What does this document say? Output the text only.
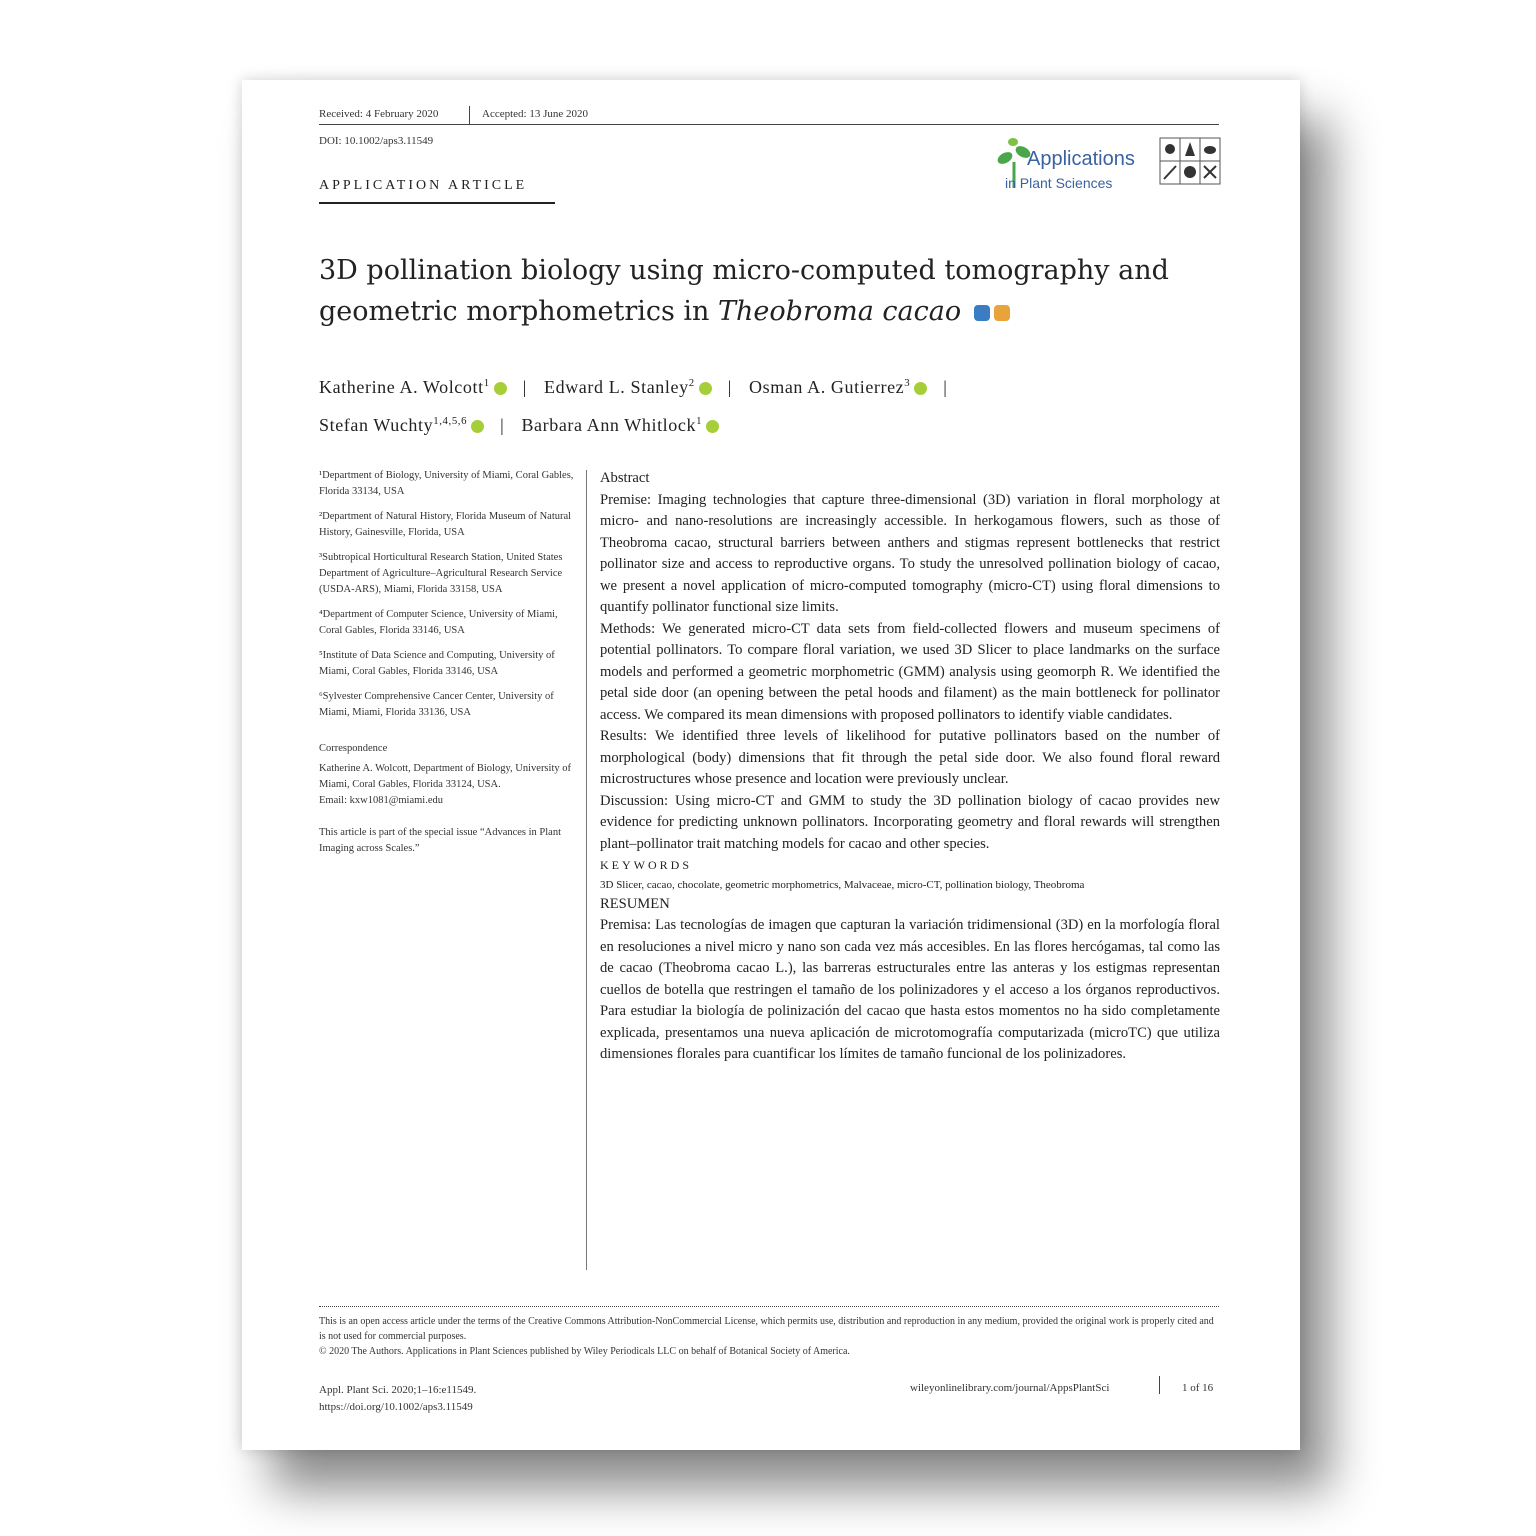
Received: 4 February 2020	Accepted: 13 June 2020
DOI: 10.1002/aps3.11549
Applications
in Plant Sciences
APPLICATION ARTICLE
3D pollination biology using micro-computed tomography and geometric morphometrics in Theobroma cacao
Katherine A. Wolcott$^1$ | Edward L. Stanley$^2$ | Osman A. Gutierrez$^3$ |
Stefan Wuchty$^{1,4,5,6}$ | Barbara Ann Whitlock$^1$

¹Department of Biology, University of Miami, Coral Gables, Florida 33134, USA

²Department of Natural History, Florida Museum of Natural History, Gainesville, Florida, USA

³Subtropical Horticultural Research Station, United States Department of Agriculture–Agricultural Research Service (USDA-ARS), Miami, Florida 33158, USA

⁴Department of Computer Science, University of Miami, Coral Gables, Florida 33146, USA

⁵Institute of Data Science and Computing, University of Miami, Coral Gables, Florida 33146, USA

⁶Sylvester Comprehensive Cancer Center, University of Miami, Miami, Florida 33136, USA

Correspondence

Katherine A. Wolcott, Department of Biology, University of Miami, Coral Gables, Florida 33124, USA.

Email: kxw1081@miami.edu

This article is part of the special issue “Advances in Plant Imaging across Scales.”

Abstract

Premise: Imaging technologies that capture three-dimensional (3D) variation in floral morphology at micro- and nano-resolutions are increasingly accessible. In herkogamous flowers, such as those of Theobroma cacao, structural barriers between anthers and stigmas represent bottlenecks that restrict pollinator size and access to reproductive organs. To study the unresolved pollination biology of cacao, we present a novel application of micro-computed tomography (micro-CT) using floral dimensions to quantify pollinator functional size limits.

Methods: We generated micro-CT data sets from field-collected flowers and museum specimens of potential pollinators. To compare floral variation, we used 3D Slicer to place landmarks on the surface models and performed a geometric morphometric (GMM) analysis using geomorph R. We identified the petal side door (an opening between the petal hoods and filament) as the main bottleneck for pollinator access. We compared its mean dimensions with proposed pollinators to identify viable candidates.

Results: We identified three levels of likelihood for putative pollinators based on the number of morphological (body) dimensions that fit through the petal side door. We also found floral reward microstructures whose presence and location were previously unclear.

Discussion: Using micro-CT and GMM to study the 3D pollination biology of cacao provides new evidence for predicting unknown pollinators. Incorporating geometry and floral rewards will strengthen plant–pollinator trait matching models for cacao and other species.

KEYWORDS

3D Slicer, cacao, chocolate, geometric morphometrics, Malvaceae, micro-CT, pollination biology, Theobroma

RESUMEN

Premisa: Las tecnologías de imagen que capturan la variación tridimensional (3D) en la morfología floral en resoluciones a nivel micro y nano son cada vez más accesibles. En las flores hercógamas, tal como las de cacao (Theobroma cacao L.), las barreras estructurales entre las anteras y los estigmas representan cuellos de botella que restringen el tamaño de los polinizadores y el acceso a los órganos reproductivos. Para estudiar la biología de polinización del cacao que hasta estos momentos no ha sido completamente explicada, presentamos una nueva aplicación de microtomografía computarizada (microTC) que utiliza dimensiones florales para cuantificar los límites de tamaño funcional de los polinizadores.

This is an open access article under the terms of the Creative Commons Attribution-NonCommercial License, which permits use, distribution and reproduction in any medium, provided the original work is properly cited and is not used for commercial purposes.
© 2020 The Authors. Applications in Plant Sciences published by Wiley Periodicals LLC on behalf of Botanical Society of America.
Appl. Plant Sci. 2020;1–16:e11549.
https://doi.org/10.1002/aps3.11549
wileyonlinelibrary.com/journal/AppsPlantSci	1 of 16
